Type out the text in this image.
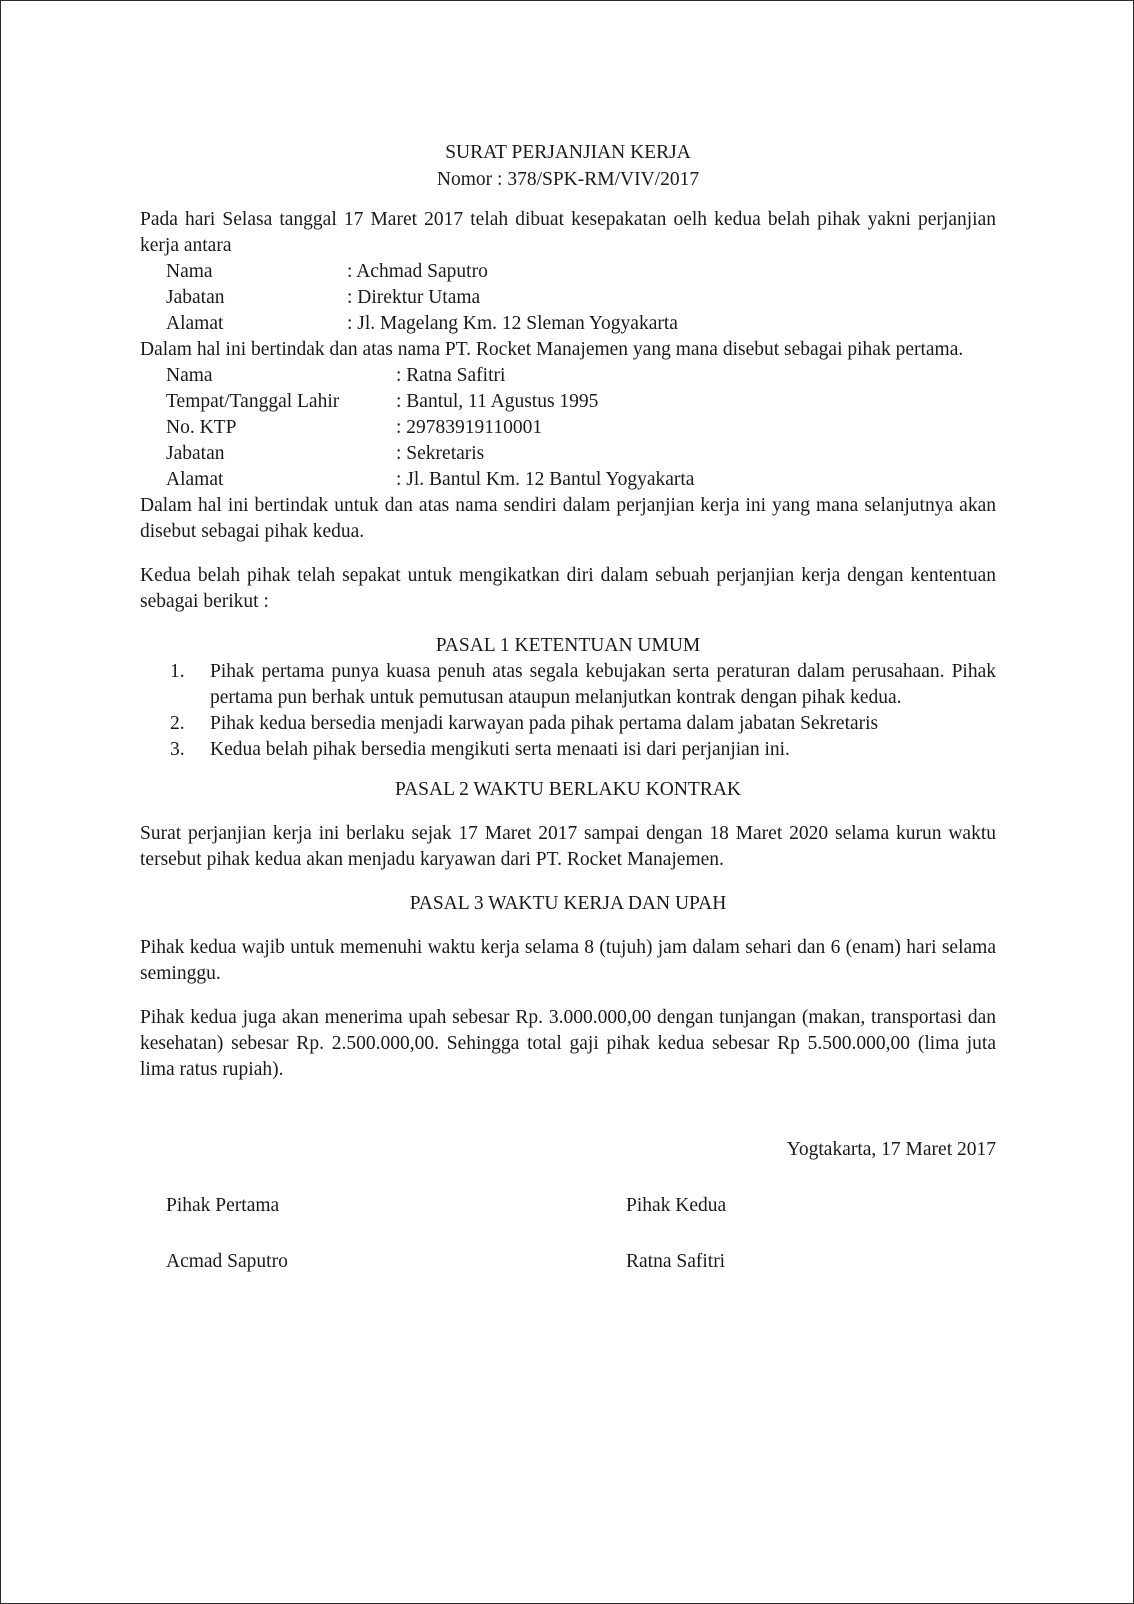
SURAT PERJANJIAN KERJA

Nomor : 378/SPK-RM/VIV/2017

Pada hari Selasa tanggal 17 Maret 2017 telah dibuat kesepakatan oelh kedua belah pihak yakni perjanjian kerja antara

Nama	: Achmad Saputro
Jabatan	: Direktur Utama
Alamat	: Jl. Magelang Km. 12 Sleman Yogyakarta

Dalam hal ini bertindak dan atas nama PT. Rocket Manajemen yang mana disebut sebagai pihak pertama.

Nama	: Ratna Safitri
Tempat/Tanggal Lahir	: Bantul, 11 Agustus 1995
No. KTP	: 29783919110001
Jabatan	: Sekretaris
Alamat	: Jl. Bantul Km. 12 Bantul Yogyakarta

Dalam hal ini bertindak untuk dan atas nama sendiri dalam perjanjian kerja ini yang mana selanjutnya akan disebut sebagai pihak kedua.

Kedua belah pihak telah sepakat untuk mengikatkan diri dalam sebuah perjanjian kerja dengan kententuan sebagai berikut :

PASAL 1 KETENTUAN UMUM

1.	Pihak pertama punya kuasa penuh atas segala kebujakan serta peraturan dalam perusahaan. Pihak pertama pun berhak untuk pemutusan ataupun melanjutkan kontrak dengan pihak kedua.
2.	Pihak kedua bersedia menjadi karwayan pada pihak pertama dalam jabatan Sekretaris
3.	Kedua belah pihak bersedia mengikuti serta menaati isi dari perjanjian ini.

PASAL 2 WAKTU BERLAKU KONTRAK

Surat perjanjian kerja ini berlaku sejak 17 Maret 2017 sampai dengan 18 Maret 2020 selama kurun waktu tersebut pihak kedua akan menjadu karyawan dari PT. Rocket Manajemen.

PASAL 3 WAKTU KERJA DAN UPAH

Pihak kedua wajib untuk memenuhi waktu kerja selama 8 (tujuh) jam dalam sehari dan 6 (enam) hari selama seminggu.

Pihak kedua juga akan menerima upah sebesar Rp. 3.000.000,00 dengan tunjangan (makan, transportasi dan kesehatan) sebesar Rp. 2.500.000,00. Sehingga total gaji pihak kedua sebesar Rp 5.500.000,00 (lima juta lima ratus rupiah).

Yogtakarta, 17 Maret 2017

Pihak Pertama	Pihak Kedua
Acmad Saputro	Ratna Safitri
